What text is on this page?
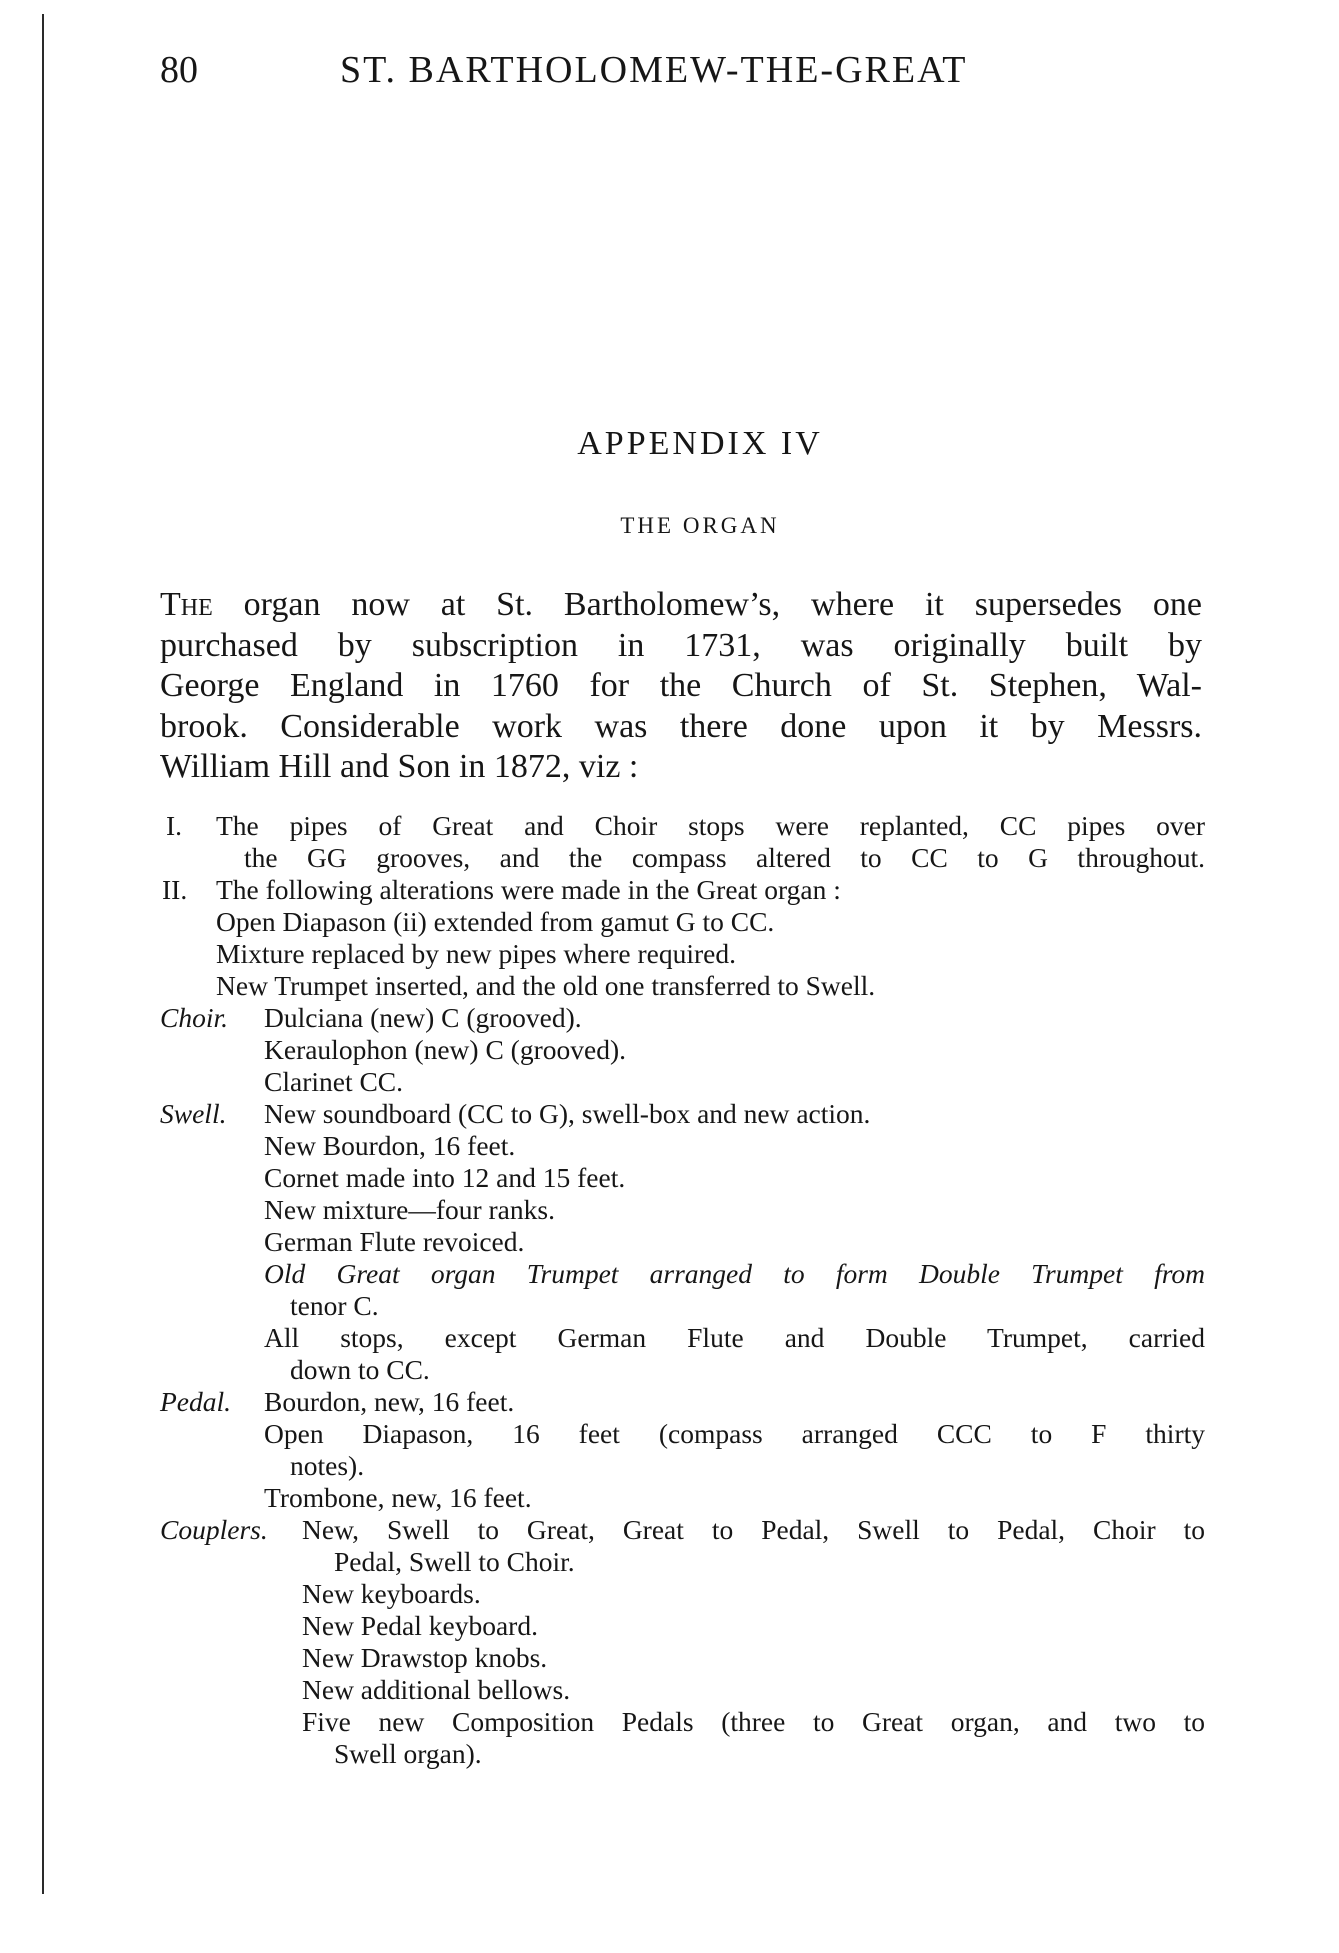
80	ST. BARTHOLOMEW-THE-GREAT
APPENDIX IV
THE ORGAN
The organ now at St. Bartholomew’s, where it supersedes one
purchased by subscription in 1731, was originally built by
George England in 1760 for the Church of St. Stephen, Wal-
brook. Considerable work was there done upon it by Messrs.
William Hill and Son in 1872, viz :
I. The pipes of Great and Choir stops were replanted, CC pipes over
the GG grooves, and the compass altered to CC to G throughout.
II. The following alterations were made in the Great organ :
Open Diapason (ii) extended from gamut G to CC.
Mixture replaced by new pipes where required.
New Trumpet inserted, and the old one transferred to Swell.
Choir. Dulciana (new) C (grooved).
Keraulophon (new) C (grooved).
Clarinet CC.
Swell. New soundboard (CC to G), swell-box and new action.
New Bourdon, 16 feet.
Cornet made into 12 and 15 feet.
New mixture—four ranks.
German Flute revoiced.
Old Great organ Trumpet arranged to form Double Trumpet from
tenor C.
All stops, except German Flute and Double Trumpet, carried
down to CC.
Pedal. Bourdon, new, 16 feet.
Open Diapason, 16 feet (compass arranged CCC to F thirty
notes).
Trombone, new, 16 feet.
Couplers. New, Swell to Great, Great to Pedal, Swell to Pedal, Choir to
Pedal, Swell to Choir.
New keyboards.
New Pedal keyboard.
New Drawstop knobs.
New additional bellows.
Five new Composition Pedals (three to Great organ, and two to
Swell organ).
